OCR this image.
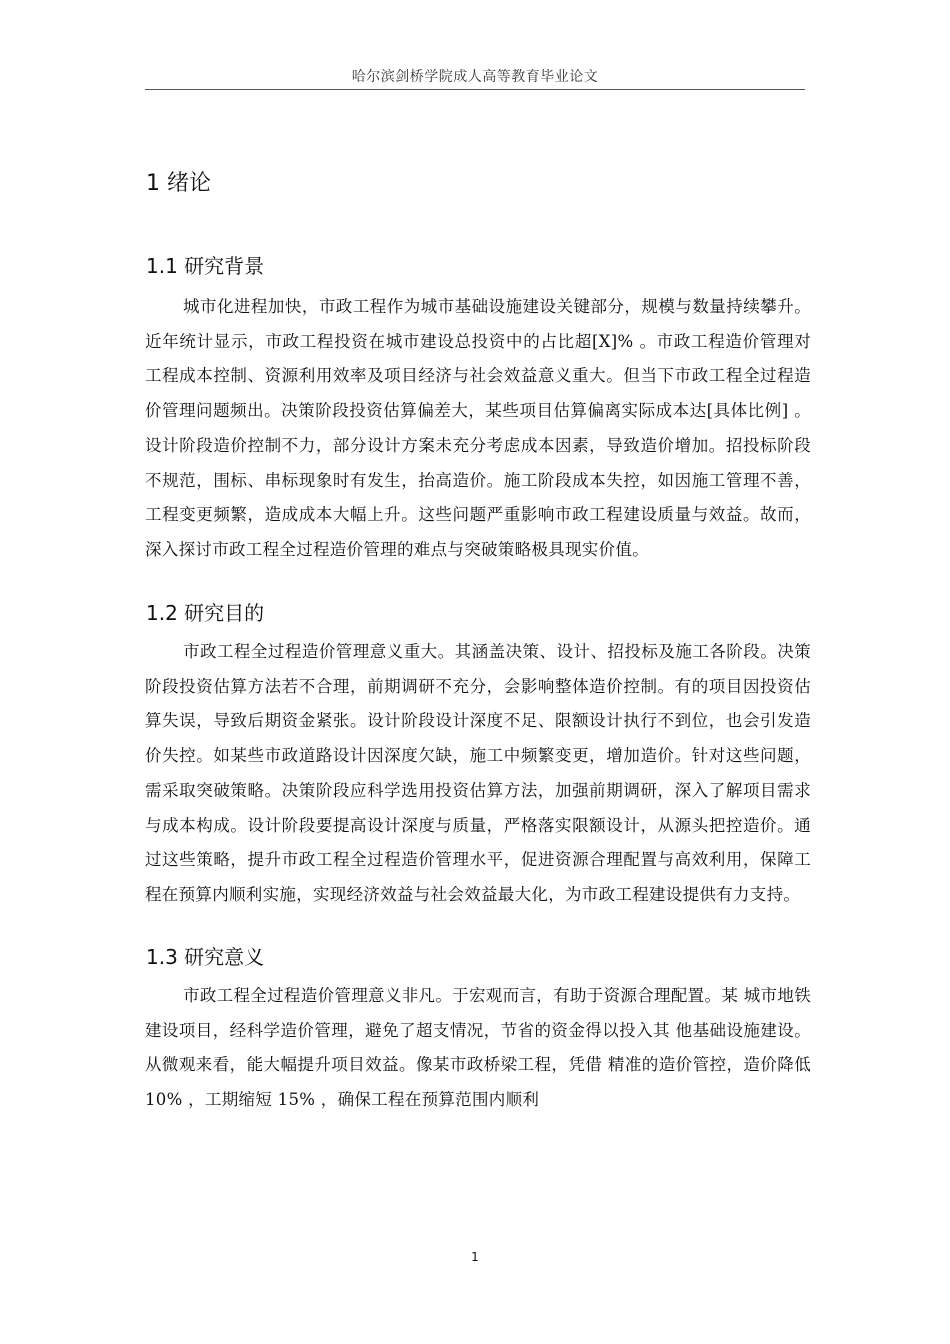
哈尔滨剑桥学院成人高等教育毕业论文
1 绪论
1.1 研究背景

城市化进程加快，市政工程作为城市基础设施建设关键部分，规模与数量持续攀升。近年统计显示，市政工程投资在城市建设总投资中的占比超[X]% 。市政工程造价管理对工程成本控制、资源利用效率及项目经济与社会效益意义重大。但当下市政工程全过程造价管理问题频出。决策阶段投资估算偏差大，某些项目估算偏离实际成本达[具体比例] 。设计阶段造价控制不力，部分设计方案未充分考虑成本因素，导致造价增加。招投标阶段不规范，围标、串标现象时有发生，抬高造价。施工阶段成本失控，如因施工管理不善，工程变更频繁，造成成本大幅上升。这些问题严重影响市政工程建设质量与效益。故而，深入探讨市政工程全过程造价管理的难点与突破策略极具现实价值。

1.2 研究目的

市政工程全过程造价管理意义重大。其涵盖决策、设计、招投标及施工各阶段。决策阶段投资估算方法若不合理，前期调研不充分，会影响整体造价控制。有的项目因投资估算失误，导致后期资金紧张。设计阶段设计深度不足、限额设计执行不到位，也会引发造价失控。如某些市政道路设计因深度欠缺，施工中频繁变更，增加造价。针对这些问题，需采取突破策略。决策阶段应科学选用投资估算方法，加强前期调研，深入了解项目需求与成本构成。设计阶段要提高设计深度与质量，严格落实限额设计，从源头把控造价。通过这些策略，提升市政工程全过程造价管理水平，促进资源合理配置与高效利用，保障工程在预算内顺利实施，实现经济效益与社会效益最大化，为市政工程建设提供有力支持。

1.3 研究意义

市政工程全过程造价管理意义非凡。于宏观而言，有助于资源合理配置。某 城市地铁建设项目，经科学造价管理，避免了超支情况，节省的资金得以投入其 他基础设施建设。从微观来看，能大幅提升项目效益。像某市政桥梁工程，凭借 精准的造价管控，造价降低 10% ，工期缩短 15% ，确保工程在预算范围内顺利

1
